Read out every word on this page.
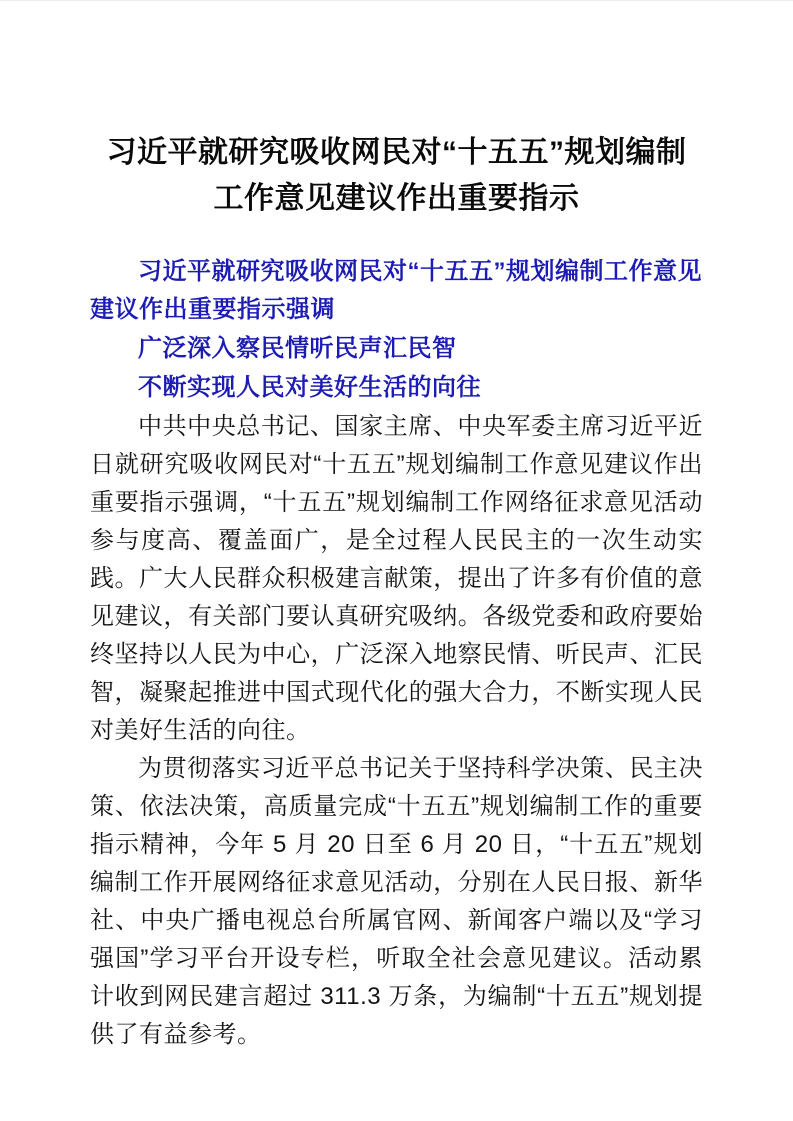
习近平就研究吸收网民对“十五五”规划编制工作意见建议作出重要指示

习近平就研究吸收网民对“十五五”规划编制工作意见建议作出重要指示强调

广泛深入察民情听民声汇民智

不断实现人民对美好生活的向往

中共中央总书记、国家主席、中央军委主席习近平近日就研究吸收网民对“十五五”规划编制工作意见建议作出重要指示强调，“十五五”规划编制工作网络征求意见活动参与度高、覆盖面广，是全过程人民民主的一次生动实践。广大人民群众积极建言献策，提出了许多有价值的意见建议，有关部门要认真研究吸纳。各级党委和政府要始终坚持以人民为中心，广泛深入地察民情、听民声、汇民智，凝聚起推进中国式现代化的强大合力，不断实现人民对美好生活的向往。

为贯彻落实习近平总书记关于坚持科学决策、民主决策、依法决策，高质量完成“十五五”规划编制工作的重要指示精神，今年 5 月 20 日至 6 月 20 日，“十五五”规划编制工作开展网络征求意见活动，分别在人民日报、新华社、中央广播电视总台所属官网、新闻客户端以及“学习强国”学习平台开设专栏，听取全社会意见建议。活动累计收到网民建言超过 311.3 万条，为编制“十五五”规划提供了有益参考。
